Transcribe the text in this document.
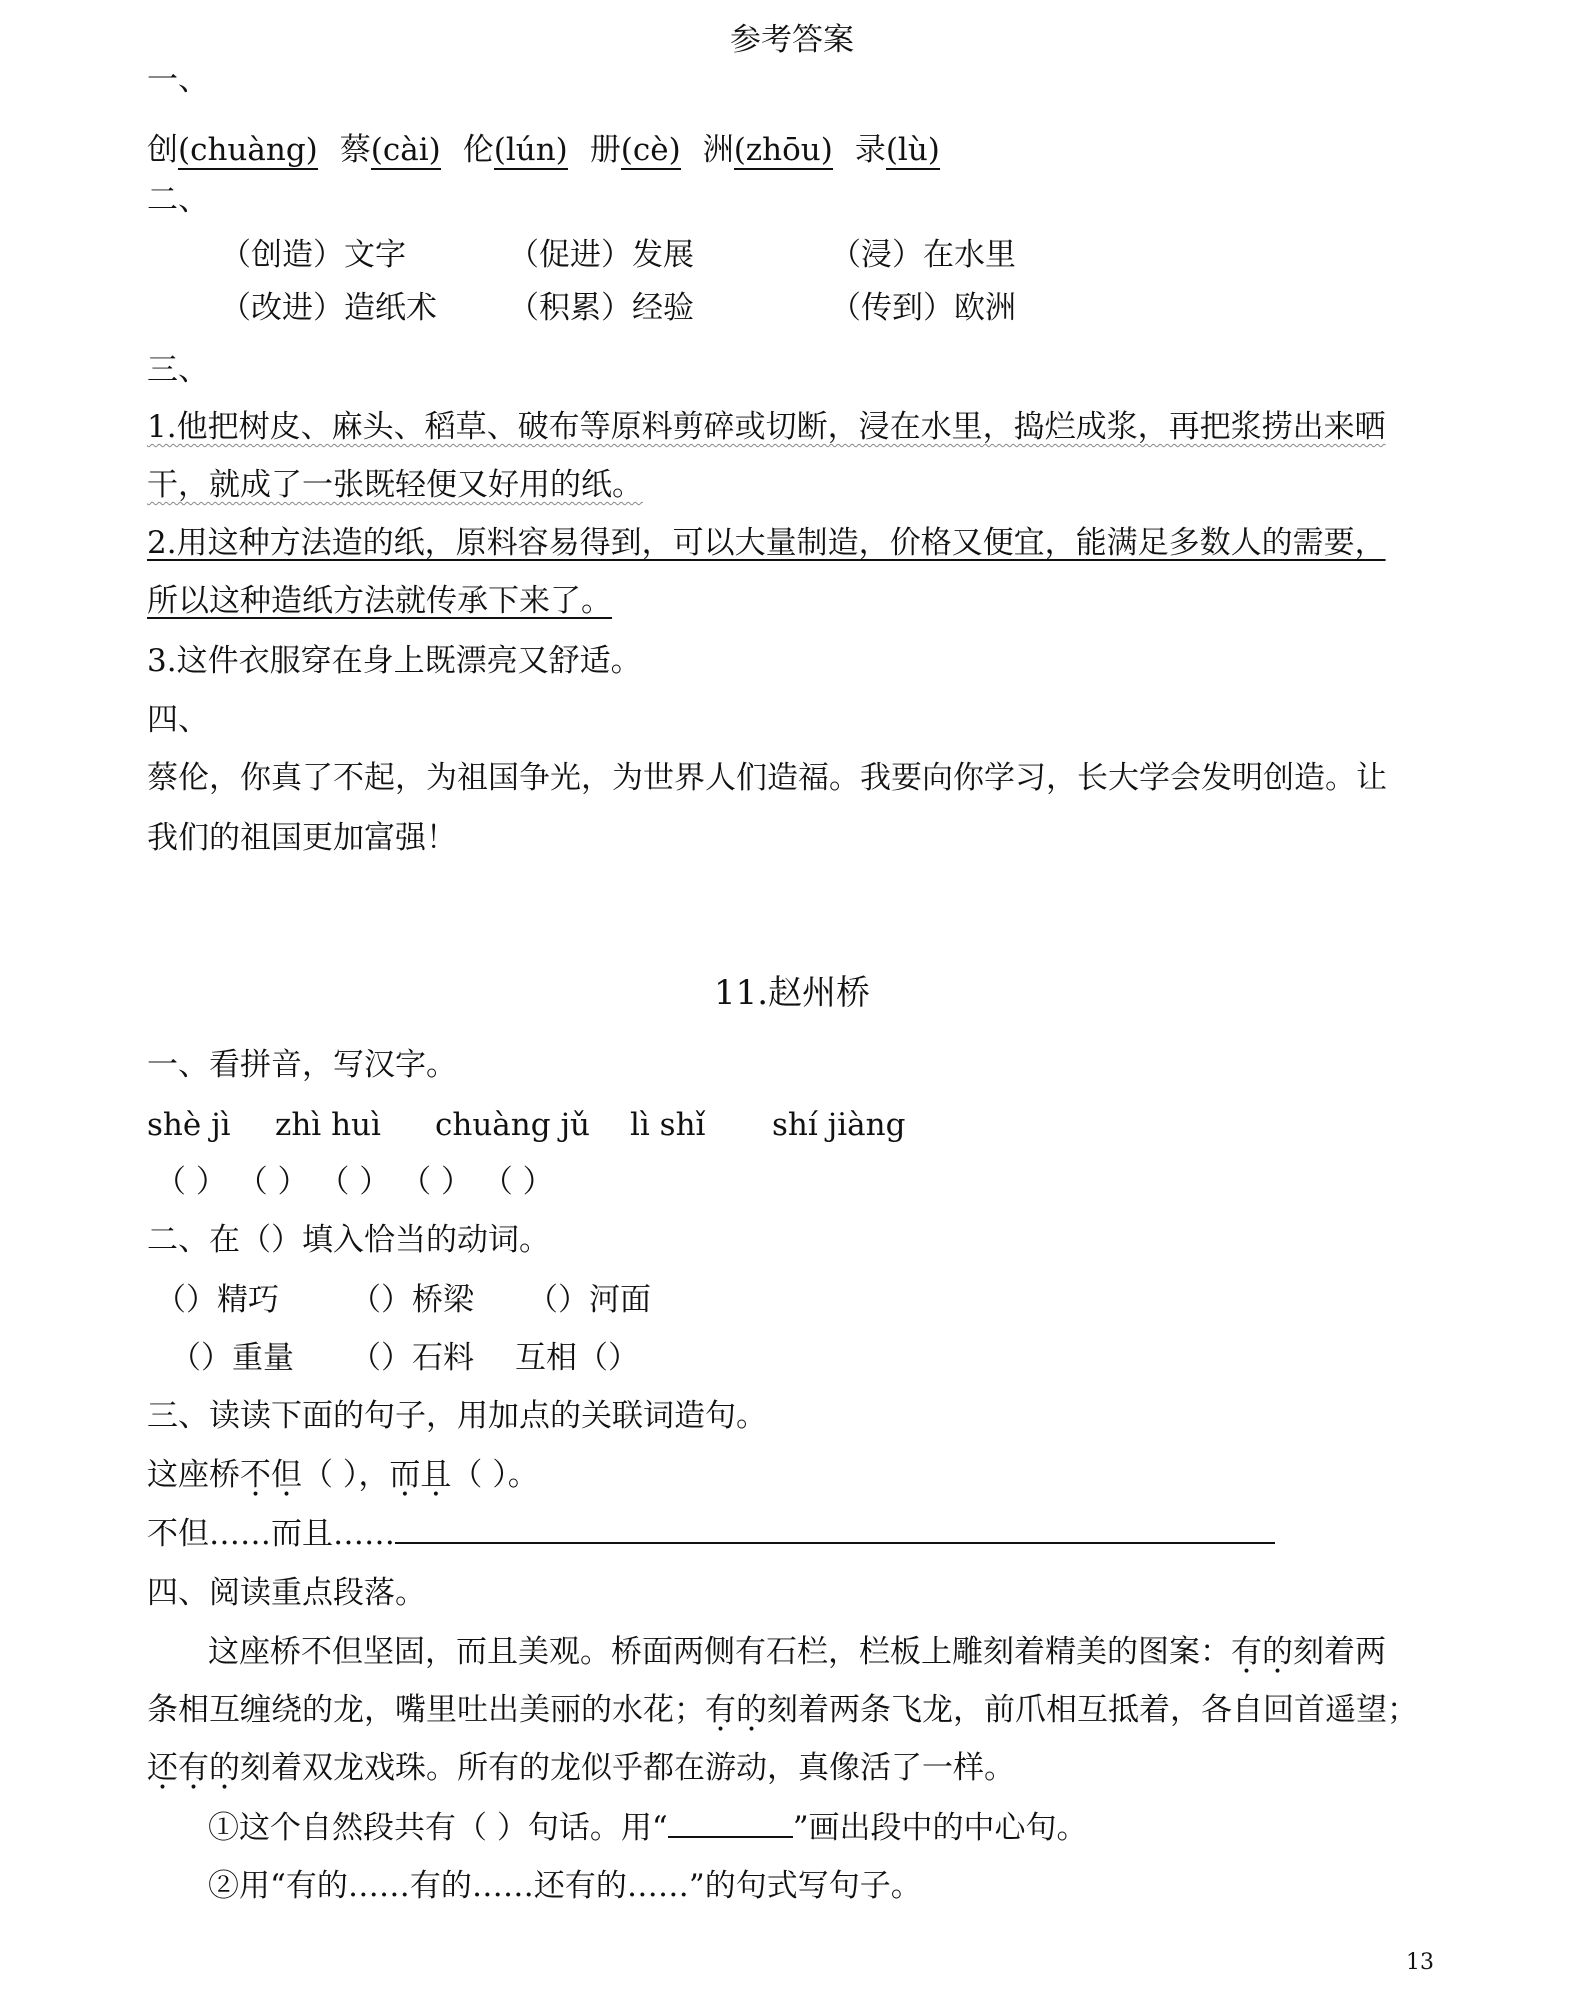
参考答案
一、
创(chuàng) 蔡(cài) 伦(lún) 册(cè) 洲(zhōu) 录(lù)
二、
（创造）文字	（促进）发展	（浸）在水里
（改进）造纸术 （积累）经验	（传到）欧洲
三、
1.他把树皮、麻头、稻草、破布等原料剪碎或切断，浸在水里，捣烂成浆，再把浆捞出来晒
干，就成了一张既轻便又好用的纸。
2.用这种方法造的纸，原料容易得到，可以大量制造，价格又便宜，能满足多数人的需要，
所以这种造纸方法就传承下来了。
3.这件衣服穿在身上既漂亮又舒适。
四、
蔡伦，你真了不起，为祖国争光，为世界人们造福。我要向你学习，长大学会发明创造。让
我们的祖国更加富强！
11.赵州桥
一、看拼音，写汉字。
shè jì zhì huì chuàng jǔ lì shǐ shí jiàng
（ ） （ ） （ ） （ ） （ ）
二、在（）填入恰当的动词。
（）精巧 （）桥梁 （）河面
（）重量 （）石料 互相（）
三、读读下面的句子，用加点的关联词造句。
这座桥不但（ ），而且（ ）。
不但……而且……
四、阅读重点段落。
这座桥不但坚固，而且美观。桥面两侧有石栏，栏板上雕刻着精美的图案：有的刻着两
条相互缠绕的龙，嘴里吐出美丽的水花；有的刻着两条飞龙，前爪相互抵着，各自回首遥望；
还有的刻着双龙戏珠。所有的龙似乎都在游动，真像活了一样。
①这个自然段共有（ ）句话。用“	”画出段中的中心句。
②用“有的……有的……还有的……”的句式写句子。
13
